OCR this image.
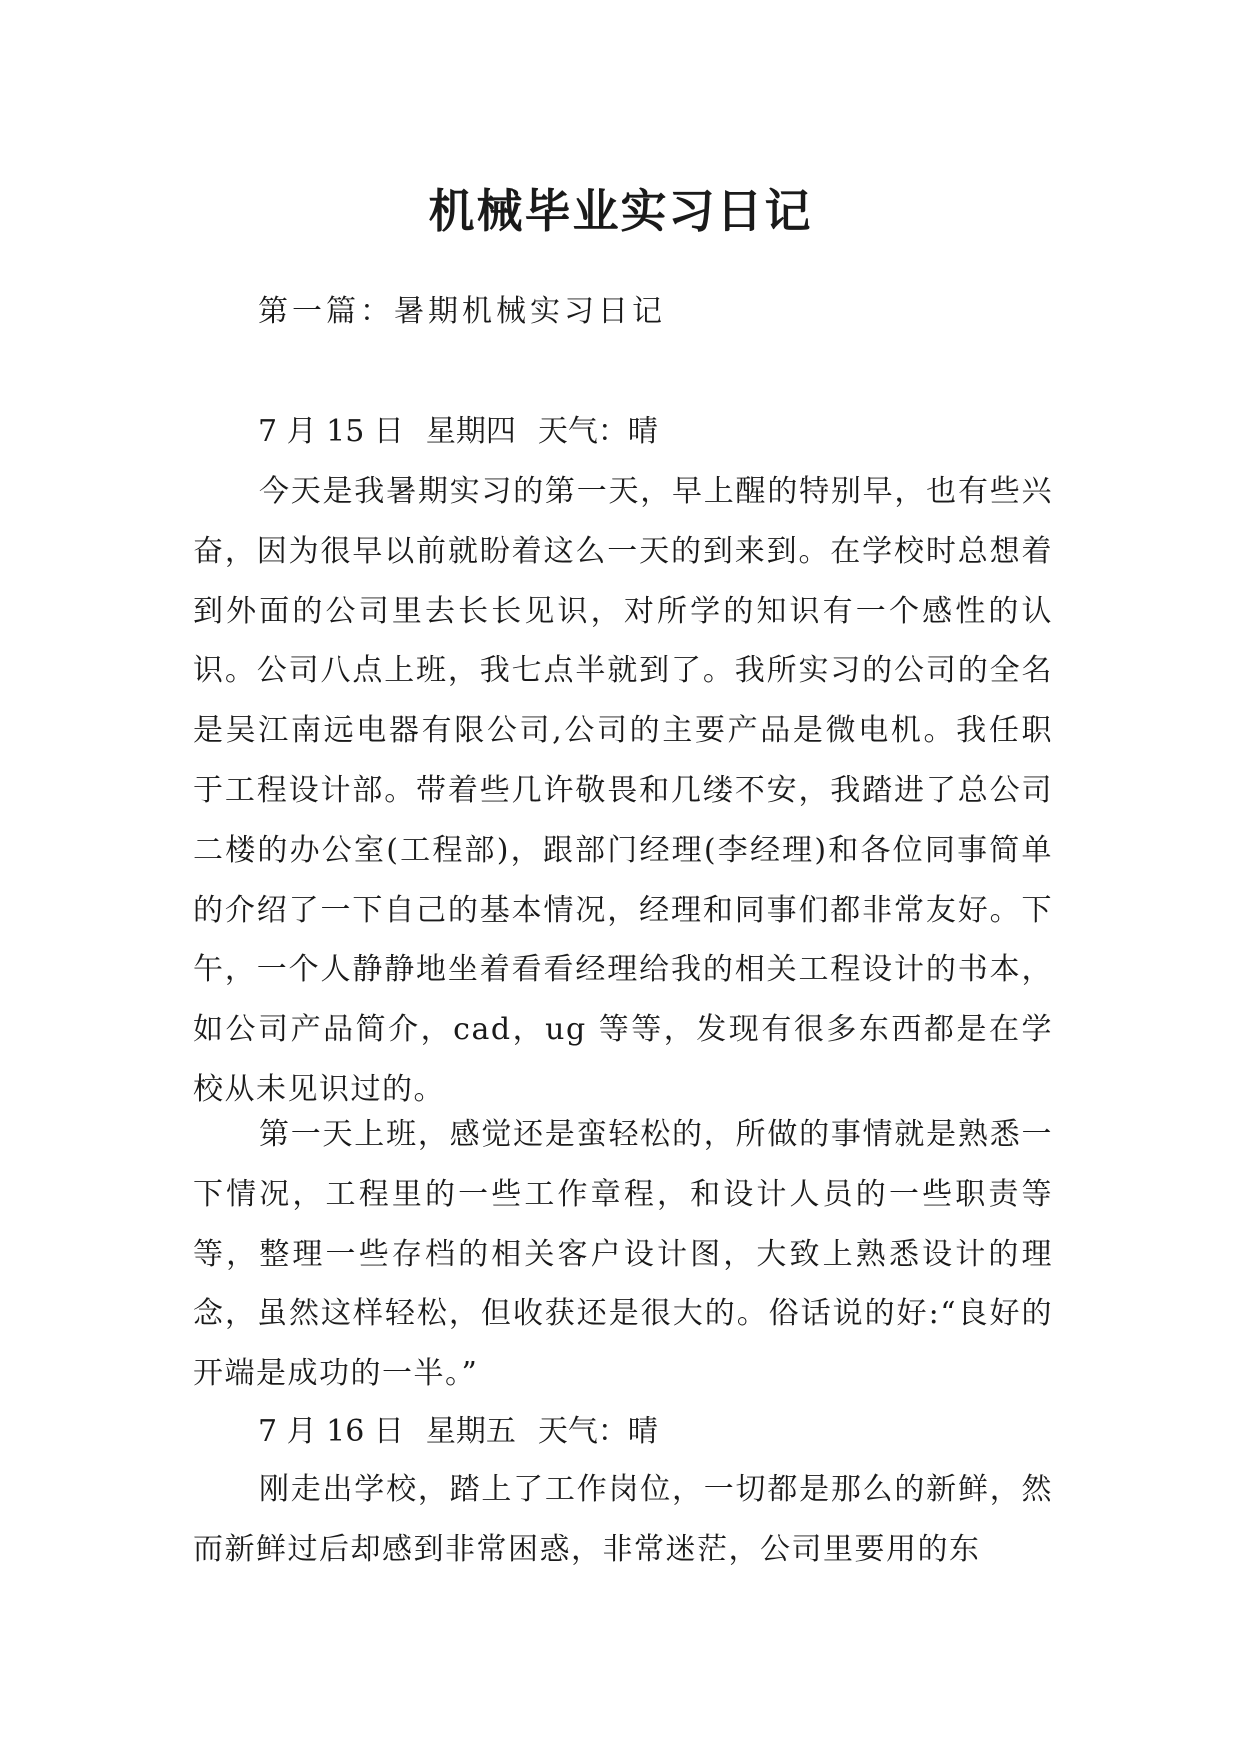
机械毕业实习日记
第一篇：暑期机械实习日记
7 月 15 日 星期四 天气：晴

今天是我暑期实习的第一天，早上醒的特别早，也有些兴奋，因为很早以前就盼着这么一天的到来到。在学校时总想着到外面的公司里去长长见识，对所学的知识有一个感性的认识。公司八点上班，我七点半就到了。我所实习的公司的全名是吴江南远电器有限公司,公司的主要产品是微电机。我任职于工程设计部。带着些几许敬畏和几缕不安，我踏进了总公司二楼的办公室(工程部)，跟部门经理(李经理)和各位同事简单的介绍了一下自己的基本情况，经理和同事们都非常友好。下午，一个人静静地坐着看看经理给我的相关工程设计的书本，如公司产品简介，cad，ug 等等，发现有很多东西都是在学校从未见识过的。

第一天上班，感觉还是蛮轻松的，所做的事情就是熟悉一下情况，工程里的一些工作章程，和设计人员的一些职责等等，整理一些存档的相关客户设计图，大致上熟悉设计的理念，虽然这样轻松，但收获还是很大的。俗话说的好:“良好的开端是成功的一半。”

7 月 16 日 星期五 天气：晴

刚走出学校，踏上了工作岗位，一切都是那么的新鲜，然而新鲜过后却感到非常困惑，非常迷茫，公司里要用的东
